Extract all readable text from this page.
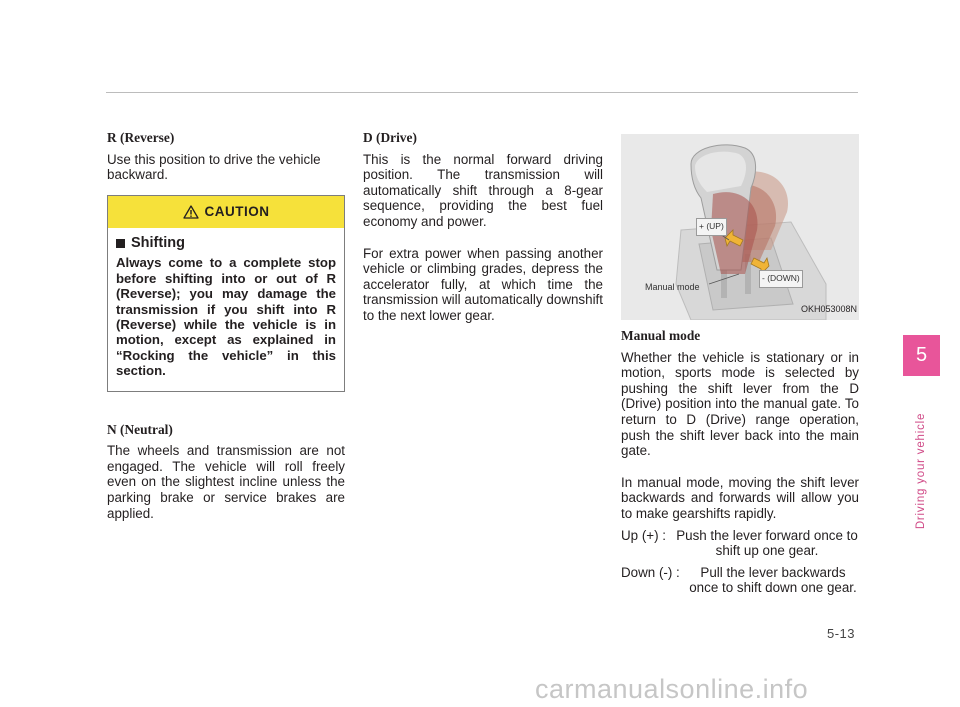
R (Reverse)

Use this position to drive the vehicle backward.

CAUTION

Shifting

Always come to a complete stop before shifting into or out of R (Reverse); you may damage the transmission if you shift into R (Reverse) while the vehicle is in motion, except as explained in “Rocking the vehicle” in this section.

N (Neutral)

The wheels and transmission are not engaged. The vehicle will roll freely even on the slightest incline unless the parking brake or service brakes are applied.

D (Drive)

This is the normal forward driving position. The transmission will automatically shift through a 8-gear sequence, providing the best fuel economy and power.

For extra power when passing another vehicle or climbing grades, depress the accelerator fully, at which time the transmission will automatically downshift to the next lower gear.

+ (UP)
- (DOWN)
Manual mode
OKH053008N

Manual mode

Whether the vehicle is stationary or in motion, sports mode is selected by pushing the shift lever from the D (Drive) position into the manual gate. To return to D (Drive) range operation, push the shift lever back into the main gate.

In manual mode, moving the shift lever backwards and forwards will allow you to make gearshifts rapidly.

Up (+) : Push the lever forward once to shift up one gear.
Down (-) :	Pull the lever backwards once to shift down one gear.
5
Driving your vehicle
5-13
carmanualsonline.info
